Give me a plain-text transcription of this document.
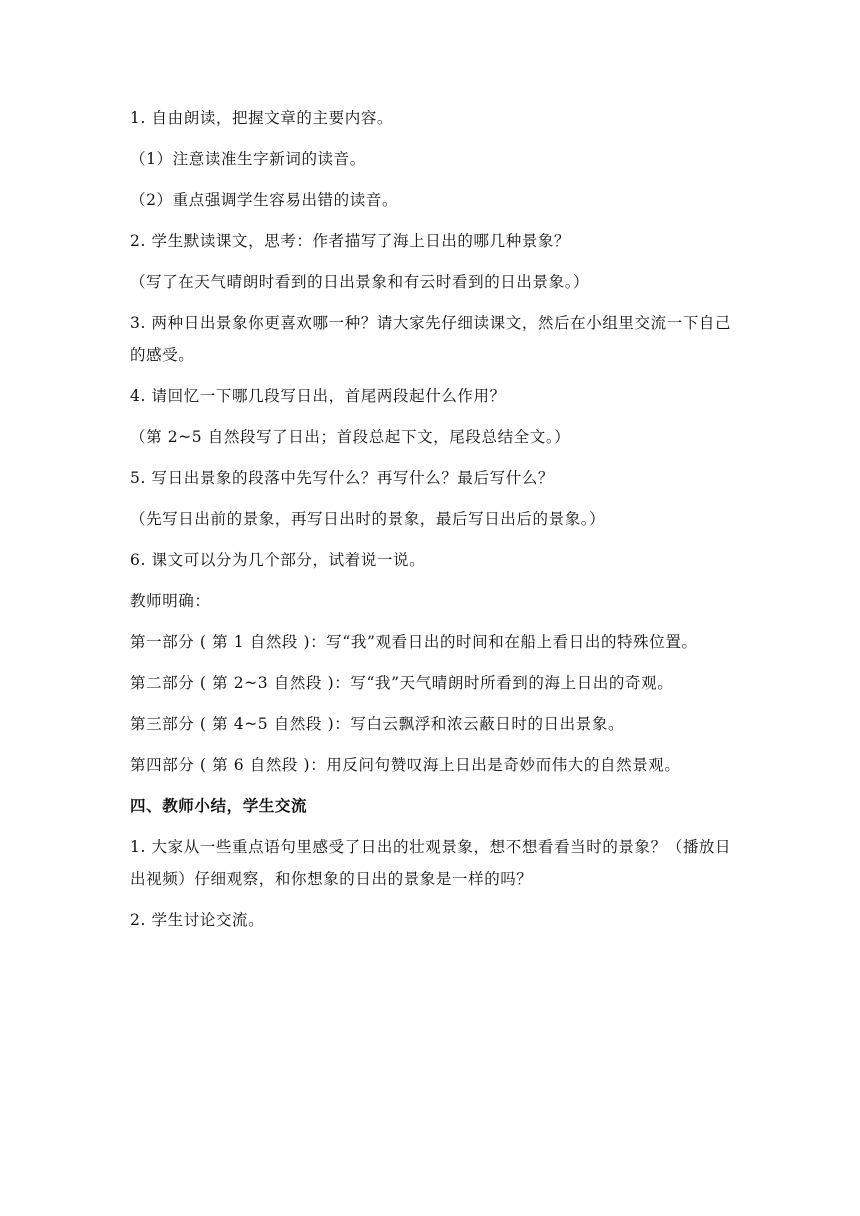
1. 自由朗读，把握文章的主要内容。

（1）注意读准生字新词的读音。

（2）重点强调学生容易出错的读音。

2. 学生默读课文，思考：作者描写了海上日出的哪几种景象？

（写了在天气晴朗时看到的日出景象和有云时看到的日出景象。）

3. 两种日出景象你更喜欢哪一种？请大家先仔细读课文，然后在小组里交流一下自己的感受。

4. 请回忆一下哪几段写日出，首尾两段起什么作用？

（第 2~5 自然段写了日出；首段总起下文，尾段总结全文。）

5. 写日出景象的段落中先写什么？再写什么？最后写什么？

（先写日出前的景象，再写日出时的景象，最后写日出后的景象。）

6. 课文可以分为几个部分，试着说一说。

教师明确：

第一部分 ( 第 1 自然段 )：写“我”观看日出的时间和在船上看日出的特殊位置。

第二部分 ( 第 2~3 自然段 )：写“我”天气晴朗时所看到的海上日出的奇观。

第三部分 ( 第 4~5 自然段 )：写白云飘浮和浓云蔽日时的日出景象。

第四部分 ( 第 6 自然段 )：用反问句赞叹海上日出是奇妙而伟大的自然景观。

四、教师小结，学生交流

1. 大家从一些重点语句里感受了日出的壮观景象，想不想看看当时的景象？（播放日出视频）仔细观察，和你想象的日出的景象是一样的吗？

2. 学生讨论交流。
